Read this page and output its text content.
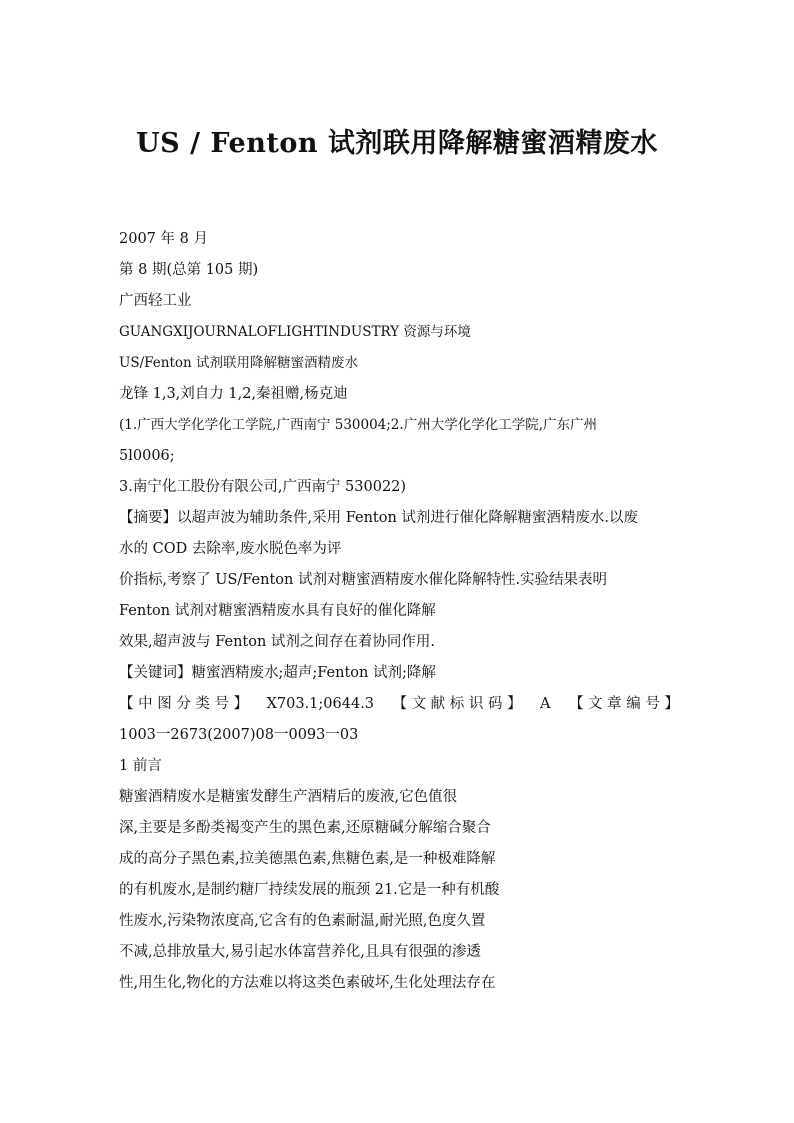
US / Fenton 试剂联用降解糖蜜酒精废水
2007 年 8 月
第 8 期(总第 105 期)
广西轻工业
GUANGXIJOURNALOFLIGHTINDUSTRY 资源与环境
US/Fenton 试剂联用降解糖蜜酒精废水
龙锋 1,3,刘自力 1,2,秦祖赠,杨克迪
(1.广西大学化学化工学院,广西南宁 530004;2.广州大学化学化工学院,广东广州
5l0006;
3.南宁化工股份有限公司,广西南宁 530022)
【摘要】以超声波为辅助条件,采用 Fenton 试剂进行催化降解糖蜜酒精废水.以废
水的 COD 去除率,废水脱色率为评
价指标,考察了 US/Fenton 试剂对糖蜜酒精废水催化降解特性.实验结果表明
Fenton 试剂对糖蜜酒精废水具有良好的催化降解
效果,超声波与 Fenton 试剂之间存在着协同作用.
【关键词】糖蜜酒精废水;超声;Fenton 试剂;降解
【 中 图 分 类 号 】 X703.1;0644.3 【 文 献 标 识 码 】 A 【 文 章 编 号 】
1003一2673(2007)08一0093一03
1 前言
糖蜜酒精废水是糖蜜发酵生产酒精后的废液,它色值很
深,主要是多酚类褐变产生的黑色素,还原糖碱分解缩合聚合
成的高分子黑色素,拉美德黑色素,焦糖色素,是一种极难降解
的有机废水,是制约糖厂持续发展的瓶颈 21.它是一种有机酸
性废水,污染物浓度高,它含有的色素耐温,耐光照,色度久置
不减,总排放量大,易引起水体富营养化,且具有很强的渗透
性,用生化,物化的方法难以将这类色素破坏,生化处理法存在
